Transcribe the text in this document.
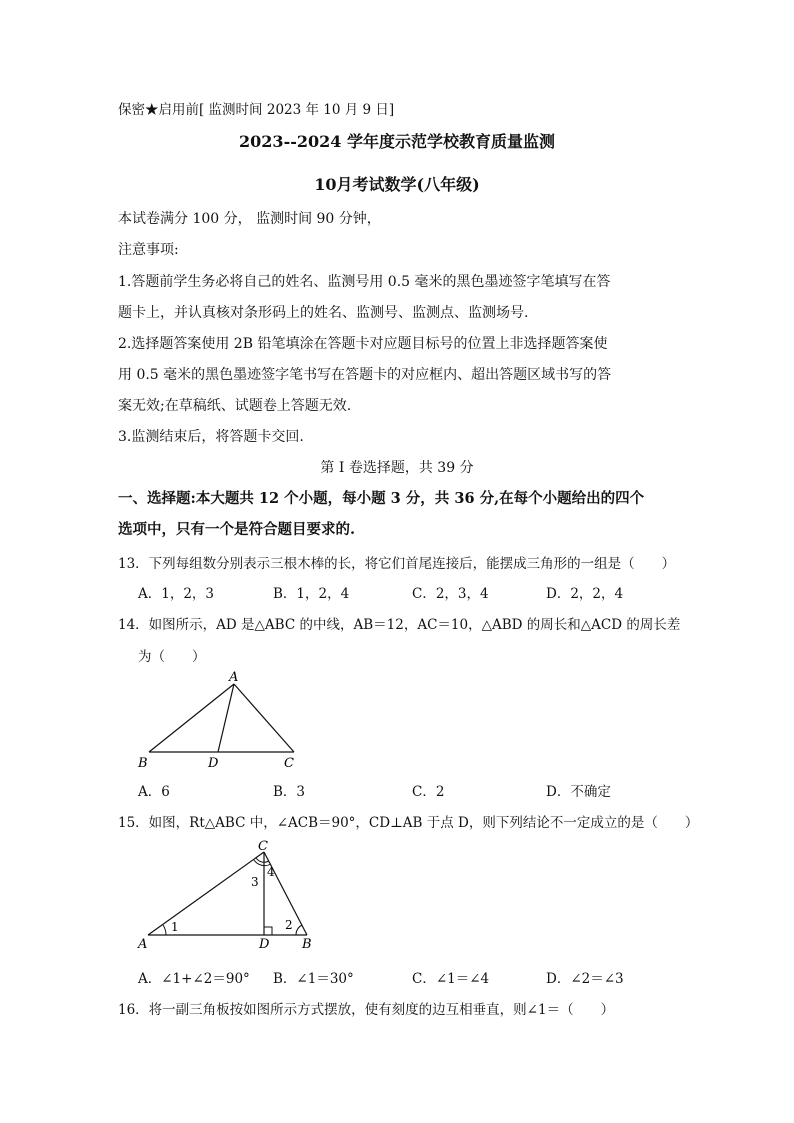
保密★启用前[ 监测时间 2023 年 10 月 9 日]
2023--2024 学年度示范学校教育质量监测
10月考试数学(八年级)
本试卷满分 100 分， 监测时间 90 分钟，
注意事项:
1.答题前学生务必将自己的姓名、监测号用 0.5 毫米的黑色墨迹签字笔填写在答
题卡上，并认真核对条形码上的姓名、监测号、监测点、监测场号.
2.选择题答案使用 2B 铅笔填涂在答题卡对应题目标号的位置上非选择题答案使
用 0.5 毫米的黑色墨迹签字笔书写在答题卡的对应框内、超出答题区域书写的答
案无效;在草稿纸、试题卷上答题无效.
3.监测结束后，将答题卡交回.
第 I 卷选择题，共 39 分
一、选择题:本大题共 12 个小题，每小题 3 分，共 36 分,在每个小题给出的四个
选项中，只有一个是符合题目要求的.
13．下列每组数分别表示三根木棒的长，将它们首尾连接后，能摆成三角形的一组是（　　）
A．1，2，3	B．1，2，4	C．2，3，4	D．2，2，4
14．如图所示，AD 是△ABC 的中线，AB＝12，AC＝10，△ABD 的周长和△ACD 的周长差
为（　　）
A
B	D	C
A．6	B．3	C．2	D．不确定
15．如图，Rt△ABC 中，∠ACB＝90°，CD⊥AB 于点 D，则下列结论不一定成立的是（　　）
C
A	D	B
1	2
3
4
A．∠1+∠2＝90° B．∠1＝30°	C．∠1＝∠4	D．∠2＝∠3
16．将一副三角板按如图所示方式摆放，使有刻度的边互相垂直，则∠1＝（　　）
